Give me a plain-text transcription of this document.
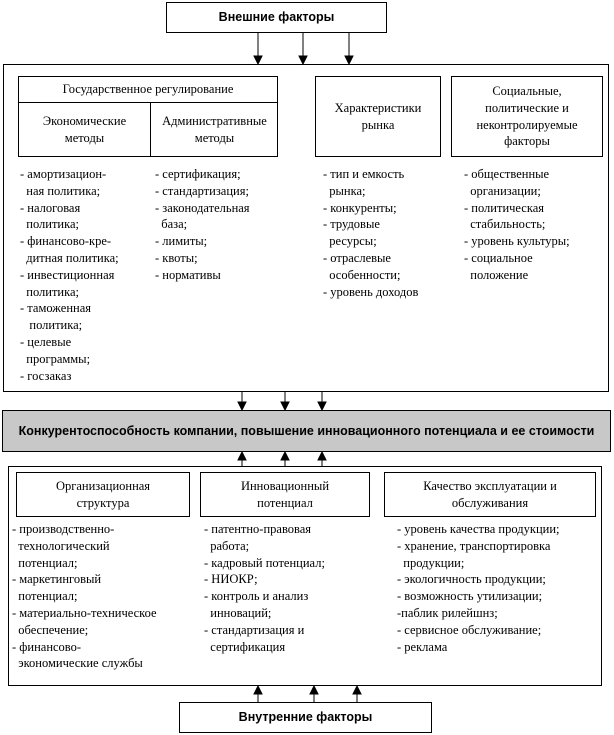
Внешние факторы
Государственное регулирование
Экономические методы
Административные методы
Характеристики рынка
Социальные, политические и неконтролируемые факторы
- амортизацион-
ная политика;
- налоговая
политика;
- финансово-кре-
дитная политика;
- инвестиционная
политика;
- таможенная
политика;
- целевые
программы;
- госзаказ
- сертификация;
- стандартизация;
- законодательная
база;
- лимиты;
- квоты;
- нормативы
- тип и емкость
рынка;
- конкуренты;
- трудовые
ресурсы;
- отраслевые
особенности;
- уровень доходов
- общественные
организации;
- политическая
стабильность;
- уровень культуры;
- социальное
положение
Конкурентоспособность компании, повышение инновационного потенциала и ее стоимости
Организационная структура
Инновационный потенциал
Качество эксплуатации и обслуживания
- производственно-
технологический
потенциал;
- маркетинговый
потенциал;
- материально-техническое
обеспечение;
- финансово-
экономические службы
- патентно-правовая
работа;
- кадровый потенциал;
- НИОКР;
- контроль и анализ
инноваций;
- стандартизация и
сертификация
- уровень качества продукции;
- хранение, транспортировка
продукции;
- экологичность продукции;
- возможность утилизации;
-паблик рилейшнз;
- сервисное обслуживание;
- реклама
Внутренние факторы
